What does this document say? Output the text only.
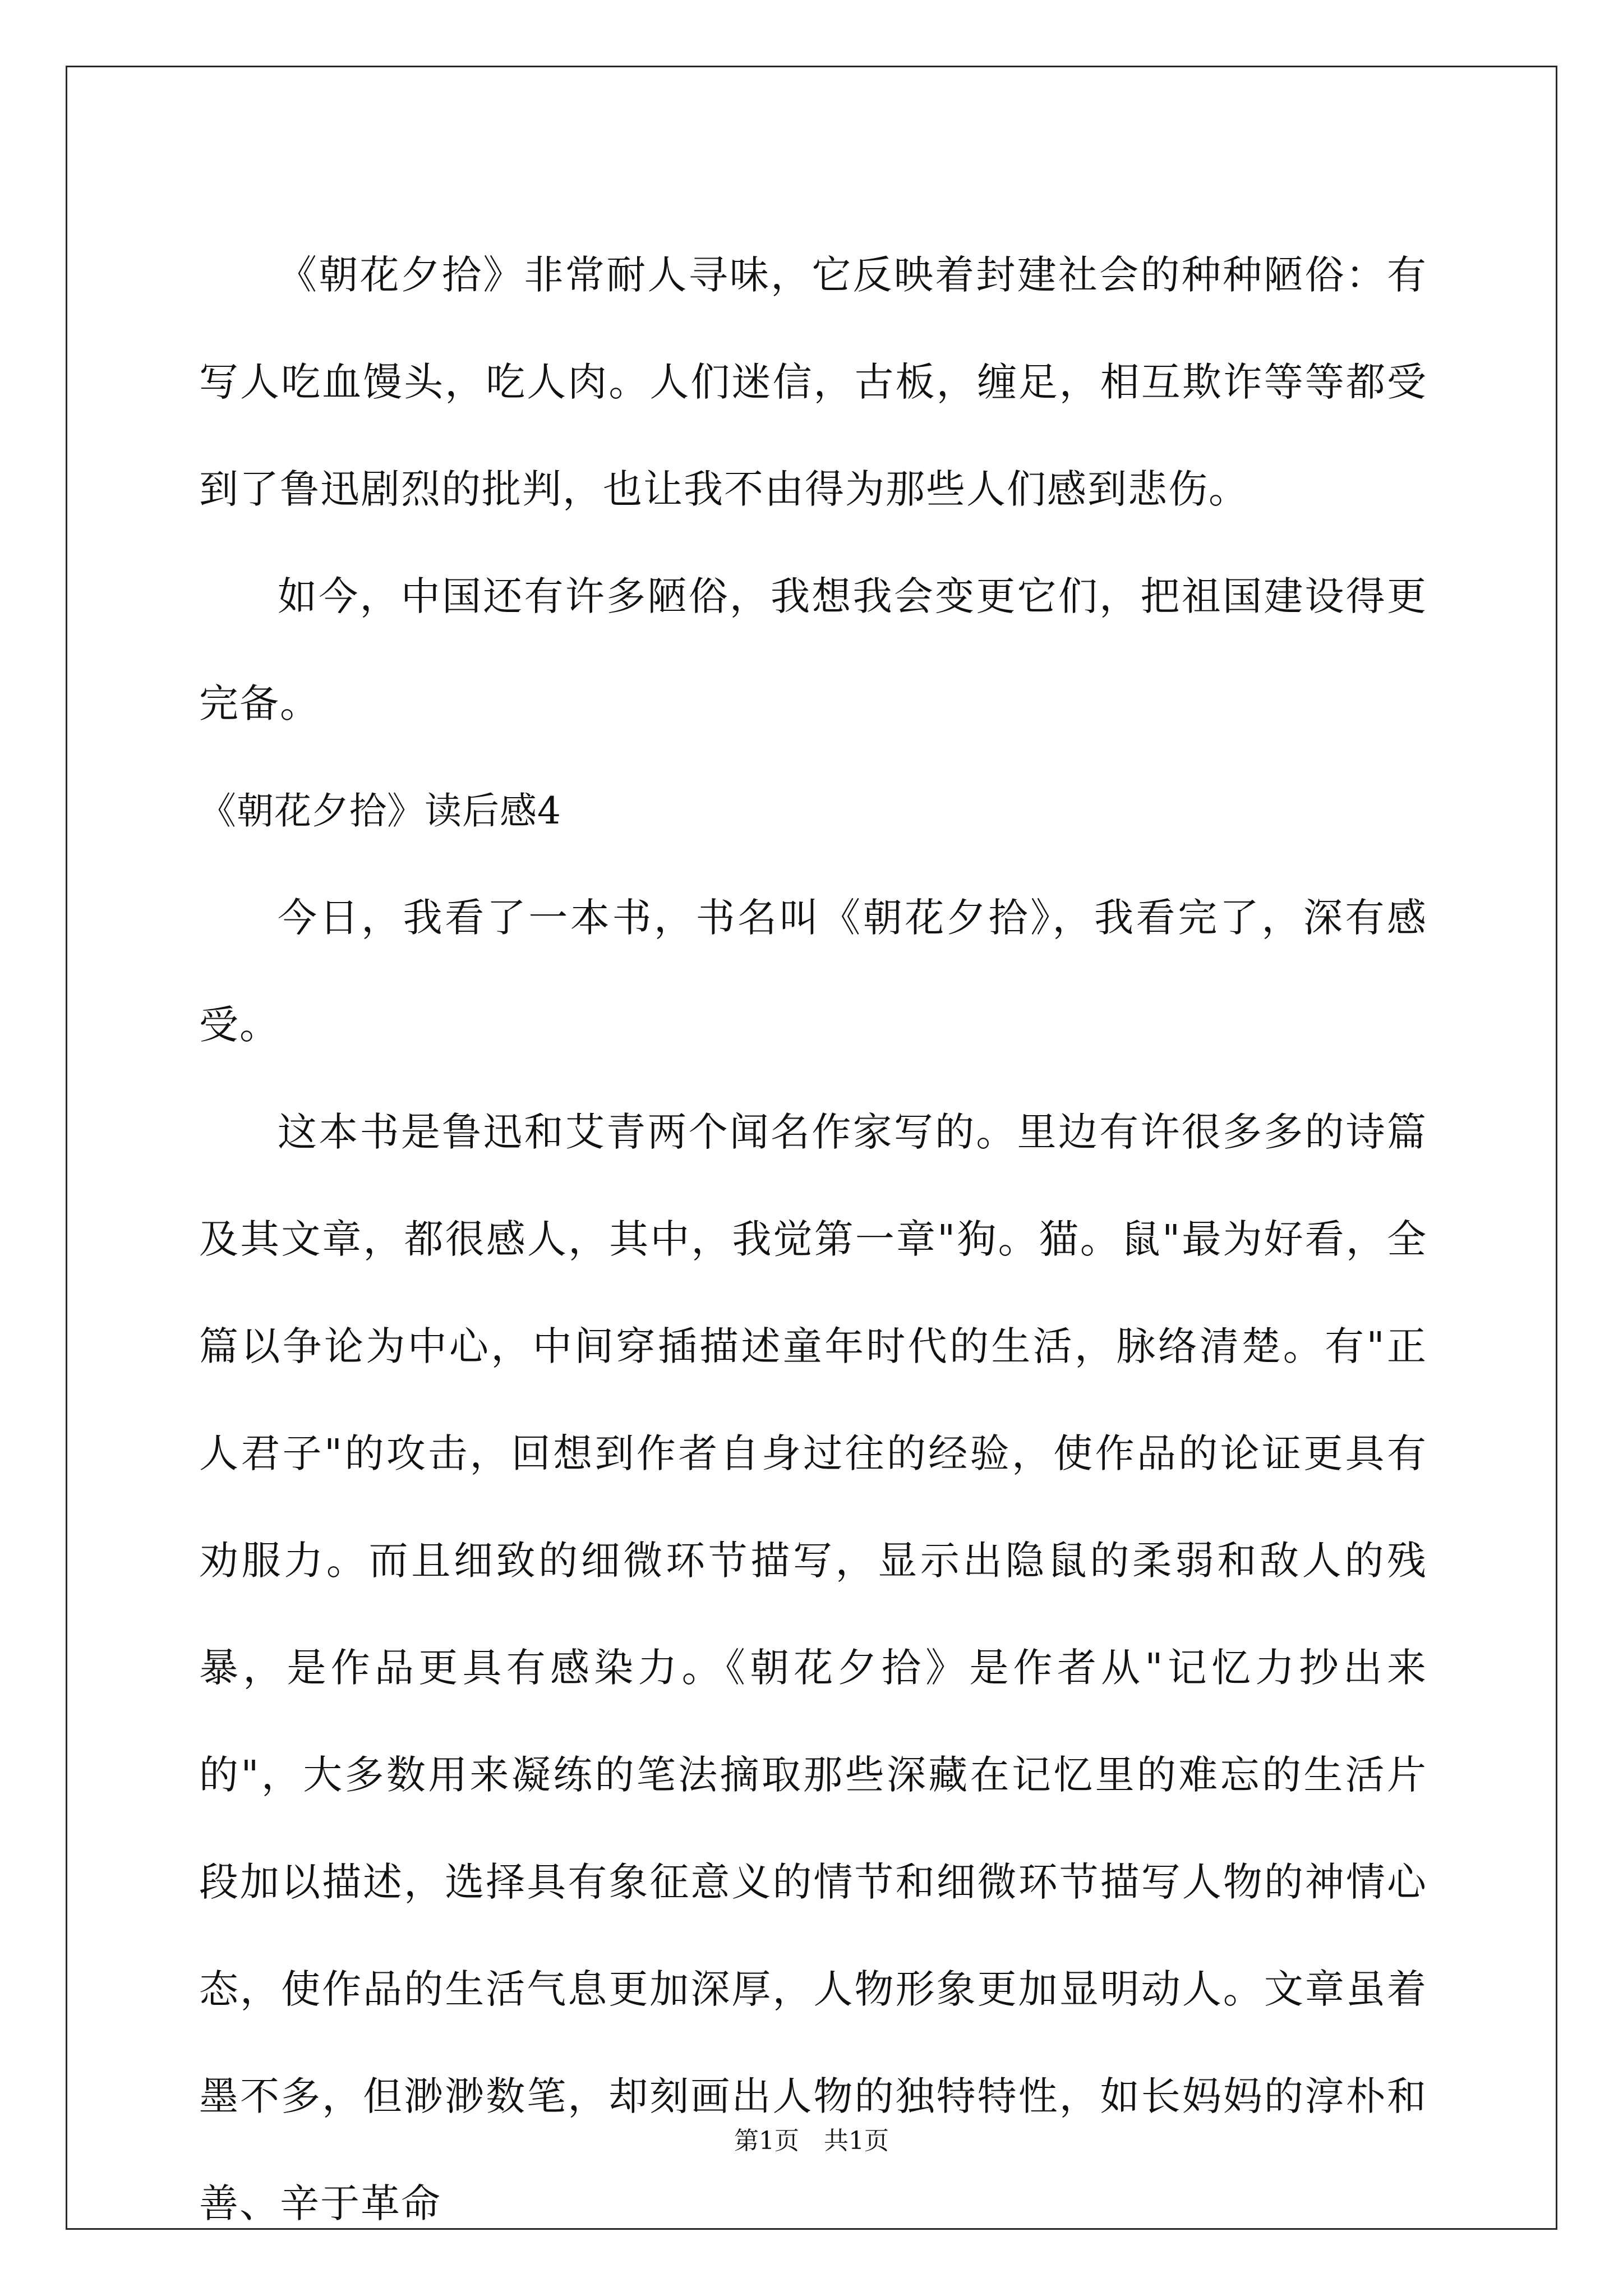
《朝花夕拾》非常耐人寻味，它反映着封建社会的种种陋俗：有写人吃血馒头，吃人肉。人们迷信，古板，缠足，相互欺诈等等都受到了鲁迅剧烈的批判，也让我不由得为那些人们感到悲伤。

如今，中国还有许多陋俗，我想我会变更它们，把祖国建设得更完备。

《朝花夕拾》读后感4

今日，我看了一本书，书名叫《朝花夕拾》，我看完了，深有感受。

这本书是鲁迅和艾青两个闻名作家写的。里边有许很多多的诗篇及其文章，都很感人，其中，我觉第一章"狗。猫。鼠"最为好看，全篇以争论为中心，中间穿插描述童年时代的生活，脉络清楚。有"正人君子"的攻击，回想到作者自身过往的经验，使作品的论证更具有劝服力。而且细致的细微环节描写，显示出隐鼠的柔弱和敌人的残暴，是作品更具有感染力。《朝花夕拾》是作者从"记忆力抄出来的"，大多数用来凝练的笔法摘取那些深藏在记忆里的难忘的生活片段加以描述，选择具有象征意义的情节和细微环节描写人物的神情心态，使作品的生活气息更加深厚，人物形象更加显明动人。文章虽着墨不多，但渺渺数笔，却刻画出人物的独特特性，如长妈妈的淳朴和善、辛于革命

第1页　共1页
